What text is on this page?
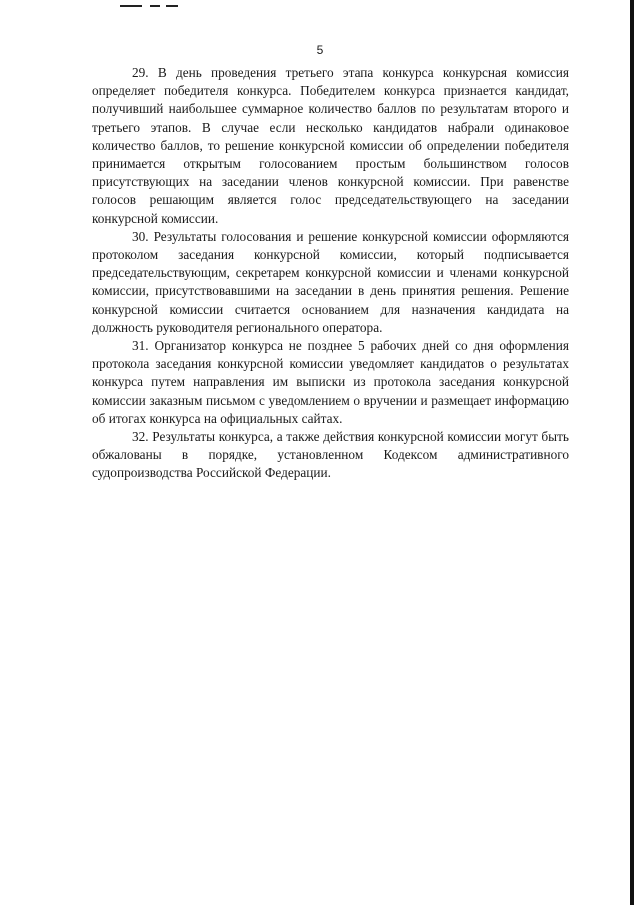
5

29. В день проведения третьего этапа конкурса конкурсная комиссия определяет победителя конкурса. Победителем конкурса признается кандидат, получивший наибольшее суммарное количество баллов по результатам второго и третьего этапов. В случае если несколько кандидатов набрали одинаковое количество баллов, то решение конкурсной комиссии об определении победителя принимается открытым голосованием простым большинством голосов присутствующих на заседании членов конкурсной комиссии. При равенстве голосов решающим является голос председательствующего на заседании конкурсной комиссии.

30. Результаты голосования и решение конкурсной комиссии оформляются протоколом заседания конкурсной комиссии, который подписывается председательствующим, секретарем конкурсной комиссии и членами конкурсной комиссии, присутствовавшими на заседании в день принятия решения. Решение конкурсной комиссии считается основанием для назначения кандидата на должность руководителя регионального оператора.

31. Организатор конкурса не позднее 5 рабочих дней со дня оформления протокола заседания конкурсной комиссии уведомляет кандидатов о результатах конкурса путем направления им выписки из протокола заседания конкурсной комиссии заказным письмом с уведомлением о вручении и размещает информацию об итогах конкурса на официальных сайтах.

32. Результаты конкурса, а также действия конкурсной комиссии могут быть обжалованы в порядке, установленном Кодексом административного судопроизводства Российской Федерации.
